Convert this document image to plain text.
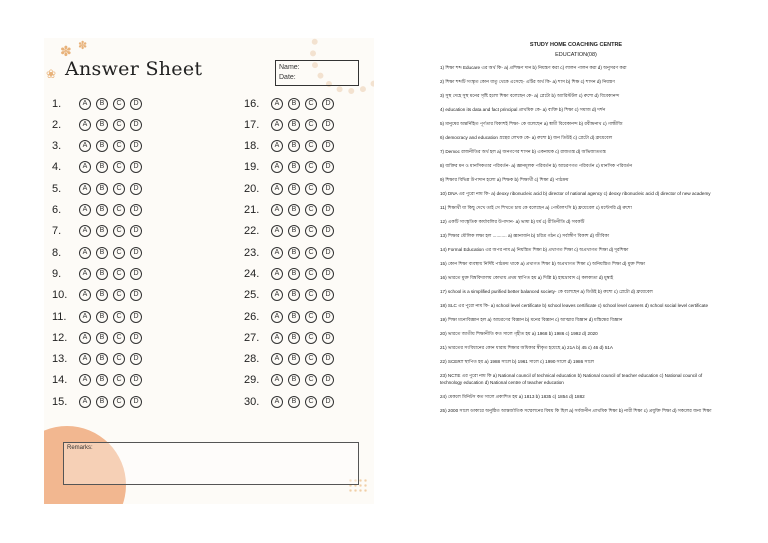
✽ ✽
❀ Answer Sheet	Name:
Date:
1.	A	B	C	D
2.	A	B	C	D
3.	A	B	C	D
4.	A	B	C	D
5.	A	B	C	D
6.	A	B	C	D
7.	A	B	C	D
8.	A	B	C	D
9.	A	B	C	D
10.	A	B	C	D
11.	A	B	C	D
12.	A	B	C	D
13.	A	B	C	D
14.	A	B	C	D
15.	A	B	C	D
16.	A	B	C	D
17.	A	B	C	D
18.	A	B	C	D
19.	A	B	C	D
20.	A	B	C	D
21.	A	B	C	D
22.	A	B	C	D
23.	A	B	C	D
24.	A	B	C	D
25.	A	B	C	D
26.	A	B	C	D
27.	A	B	C	D
28.	A	B	C	D
29.	A	B	C	D
30.	A	B	C	D
Remarks:
STUDY HOME COACHING CENTRE
EDUCATION(08)
1) শিক্ষা শব্দ Educare এর অর্থ কি- a) প্রশিক্ষণ দান b) নিয়ন্ত্রণ করা c) লালন পালন করা d) অনুসরণ করা
2) শিক্ষা শব্দটি সংস্কৃত কোন ধাতু থেকে এসেছে- এটির অর্থ কি- a) শাস b) শিক্ষ c) শাসন d) নিয়ন্ত্রণ
3) সুস্থ দেহে সুস্থ মনের সৃষ্টি হলো শিক্ষা বলেছেন কে- a) প্লেটো b) অ্যারিস্টটল c) রুশো d) বিবেকানন্দ
4) education its data and fact principal প্রাথমিক কে- a) ব্যক্তি b) শিক্ষা c) সমাজ d) দর্শন
5) মানুষের অন্তর্নিহিত পূর্ণতার বিকাশই শিক্ষা- কে বলেছেন a) স্বামী বিবেকানন্দ b) রবীন্দ্রনাথ c) গান্ধীজি
6) democracy and education গ্রন্থের লেখক কে- a) রুশো b) জন ডিউই c) প্লেটো d) ফ্রয়েবেল
7) Democ রাজনীতির অর্থ হল a) জনগণের শাসন b) একনায়ক c) রাজতন্ত্র d) অভিজাততন্ত্র
8) ব্যক্তির মন ও মানসিকতার পরিবর্তন- a) জ্ঞানমূলক পরিবর্তন b) আচরণগত পরিবর্তন c) মানসিক পরিবর্তন
9) শিক্ষার বিভিন্ন উপাদান হলো a) শিক্ষক b) শিক্ষার্থী c) শিক্ষা d) পাঠক্রম
10) DNA এর পুরো নাম কি- a) deoxy ribonucleic acid b) director of national agency c) deoxy ribonucleic acid d) director of new academy
11) শিক্ষার্থী যা কিছু দেখে তাই সে শিখতে চায় কে বলেছেন a) পেস্টালৎসি b) ফ্রয়েবেল c) মন্টেসরি d) রুশো
12) একটি সাংস্কৃতিক কার্যাবলির উপাদান- a) ভাষা b) ধর্ম c) রীতিনীতি d) সবকটি
13) শিক্ষার মৌলিক লক্ষ্য হল ........... a) জ্ঞানার্জন b) চরিত্র গঠন c) সর্বাঙ্গীণ বিকাশ d) জীবিকা
14) Formal Education এর অপর নাম a) নিয়ন্ত্রিত শিক্ষা b) প্রথাগত শিক্ষা c) অপ্রথাগত শিক্ষা d) দূরশিক্ষা
15) কোন শিক্ষা ব্যবস্থায় নির্দিষ্ট পাঠক্রম থাকে a) প্রথাগত শিক্ষা b) অপ্রথাগত শিক্ষা c) অনিয়ন্ত্রিত শিক্ষা d) মুক্ত শিক্ষা
16) ভারতে মুক্ত বিশ্ববিদ্যালয় কোথায় প্রথম স্থাপিত হয় a) দিল্লি b) হায়দ্রাবাদ c) কলকাতা d) মুম্বাই
17) school is a simplified purified better balanced society- কে বলেছেন a) ডিউই b) রুশো c) প্লেটো d) ফ্রয়েবেল
18) SLC এর পুরো নাম কি- a) school level certificate b) school leaves certificate c) school level careers d) school social level certificate
19) শিক্ষা মনোবিজ্ঞান হল a) আচরণের বিজ্ঞান b) মনের বিজ্ঞান c) আত্মার বিজ্ঞান d) মস্তিষ্কের বিজ্ঞান
20) ভারতে জাতীয় শিক্ষানীতি কত সালে গৃহীত হয় a) 1968 b) 1986 c) 1992 d) 2020
21) ভারতের সংবিধানের কোন ধারায় শিক্ষার অধিকার স্বীকৃত হয়েছে a) 21A b) 45 c) 46 d) 51A
22) SCERT স্থাপিত হয় a) 1988 সালে b) 1961 সালে c) 1990 সালে d) 1986 সালে
23) NCTE এর পুরো নাম কি a) National council of technical education b) National council of teacher education c) National council of technology education d) National centre of teacher education
24) মেকলে মিনিটস কত সালে প্রকাশিত হয় a) 1813 b) 1835 c) 1854 d) 1882
25) 2000 সালে ডাকারে অনুষ্ঠিত আন্তর্জাতিক সম্মেলনের বিষয় কি ছিল a) সর্বজনীন প্রাথমিক শিক্ষা b) নারী শিক্ষা c) প্রযুক্তি শিক্ষা d) সকলের জন্য শিক্ষা
